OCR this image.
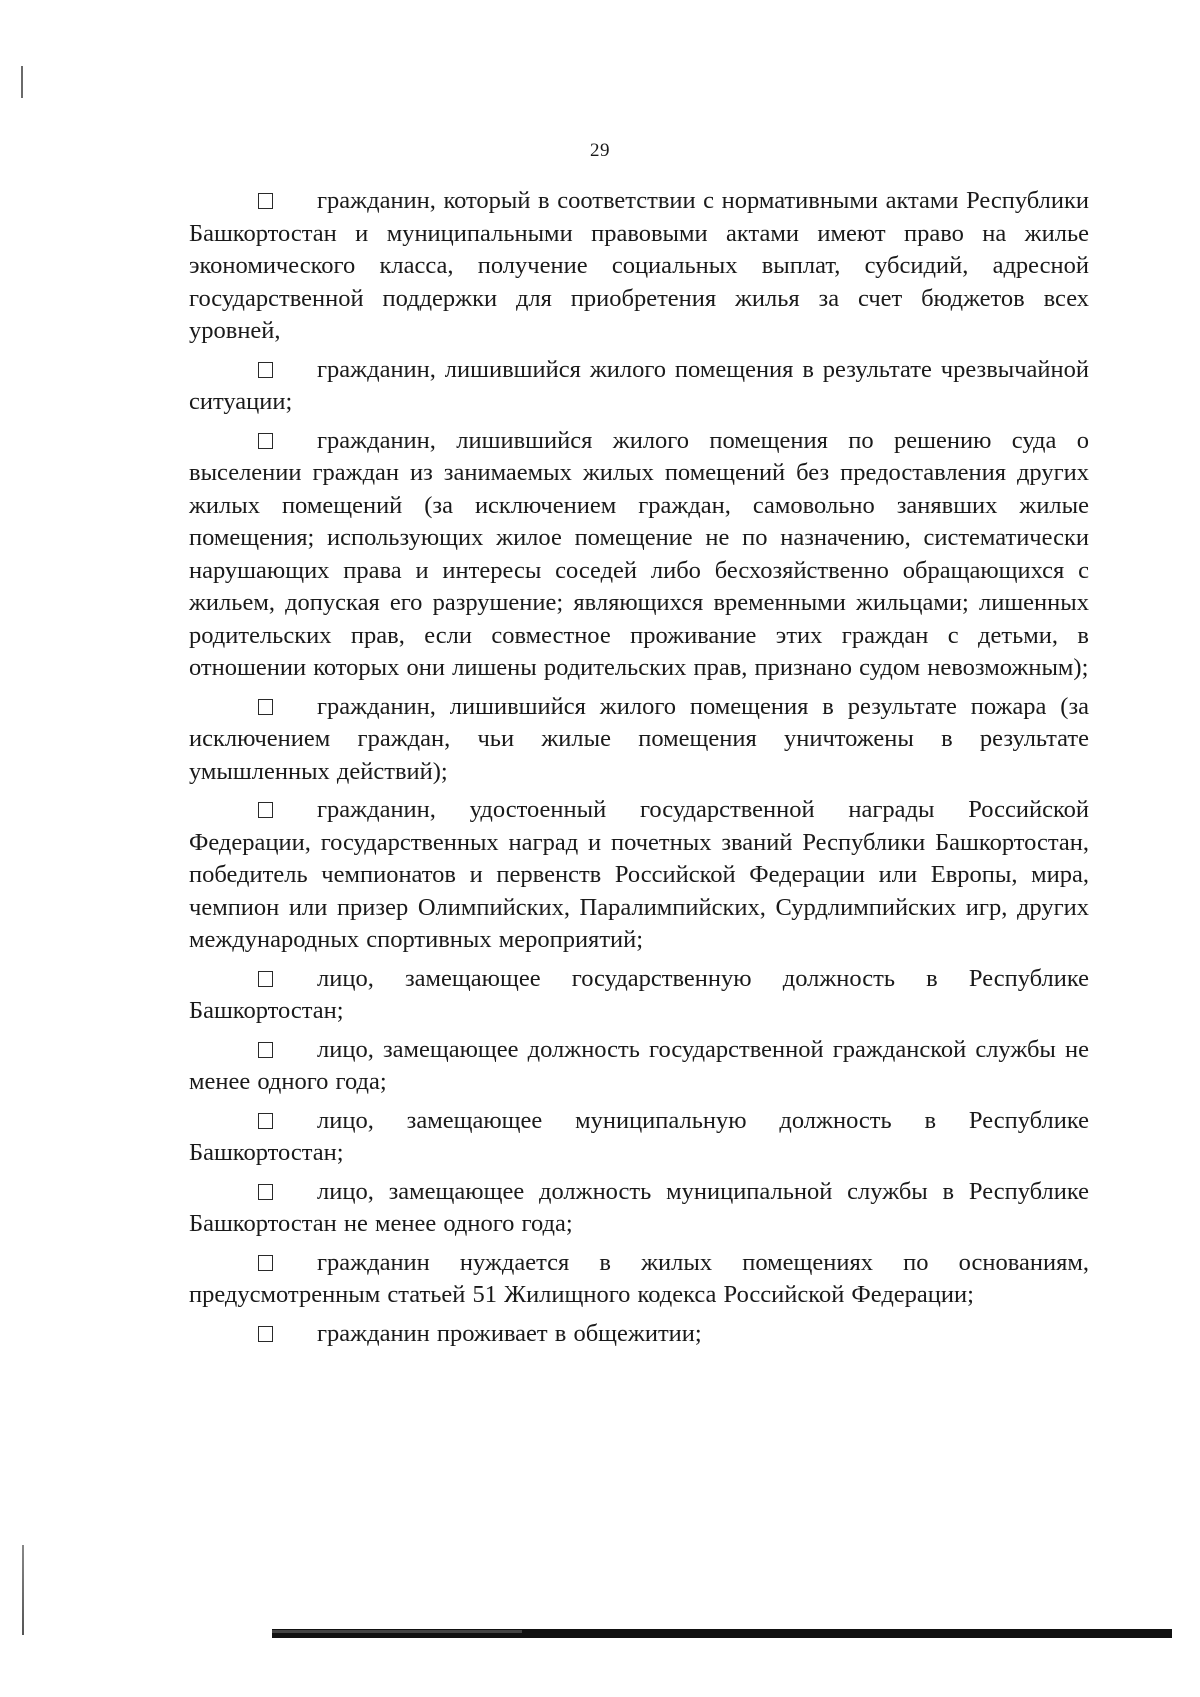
29

гражданин, который в соответствии с нормативными актами Республики Башкортостан и муниципальными правовыми актами имеют право на жилье экономического класса, получение социальных выплат, субсидий, адресной государственной поддержки для приобретения жилья за счет бюджетов всех уровней,

гражданин, лишившийся жилого помещения в результате чрезвычайной ситуации;

гражданин, лишившийся жилого помещения по решению суда о выселении граждан из занимаемых жилых помещений без предоставления других жилых помещений (за исключением граждан, самовольно занявших жилые помещения; использующих жилое помещение не по назначению, систематически нарушающих права и интересы соседей либо бесхозяйственно обращающихся с жильем, допуская его разрушение; являющихся временными жильцами; лишенных родительских прав, если совместное проживание этих граждан с детьми, в отношении которых они лишены родительских прав, признано судом невозможным);

гражданин, лишившийся жилого помещения в результате пожара (за исключением граждан, чьи жилые помещения уничтожены в результате умышленных действий);

гражданин, удостоенный государственной награды Российской Федерации, государственных наград и почетных званий Республики Башкортостан, победитель чемпионатов и первенств Российской Федерации или Европы, мира, чемпион или призер Олимпийских, Паралимпийских, Сурдлимпийских игр, других международных спортивных мероприятий;

лицо, замещающее государственную должность в Республике Башкортостан;

лицо, замещающее должность государственной гражданской службы не менее одного года;

лицо, замещающее муниципальную должность в Республике Башкортостан;

лицо, замещающее должность муниципальной службы в Республике Башкортостан не менее одного года;

гражданин нуждается в жилых помещениях по основаниям, предусмотренным статьей 51 Жилищного кодекса Российской Федерации;

гражданин проживает в общежитии;
